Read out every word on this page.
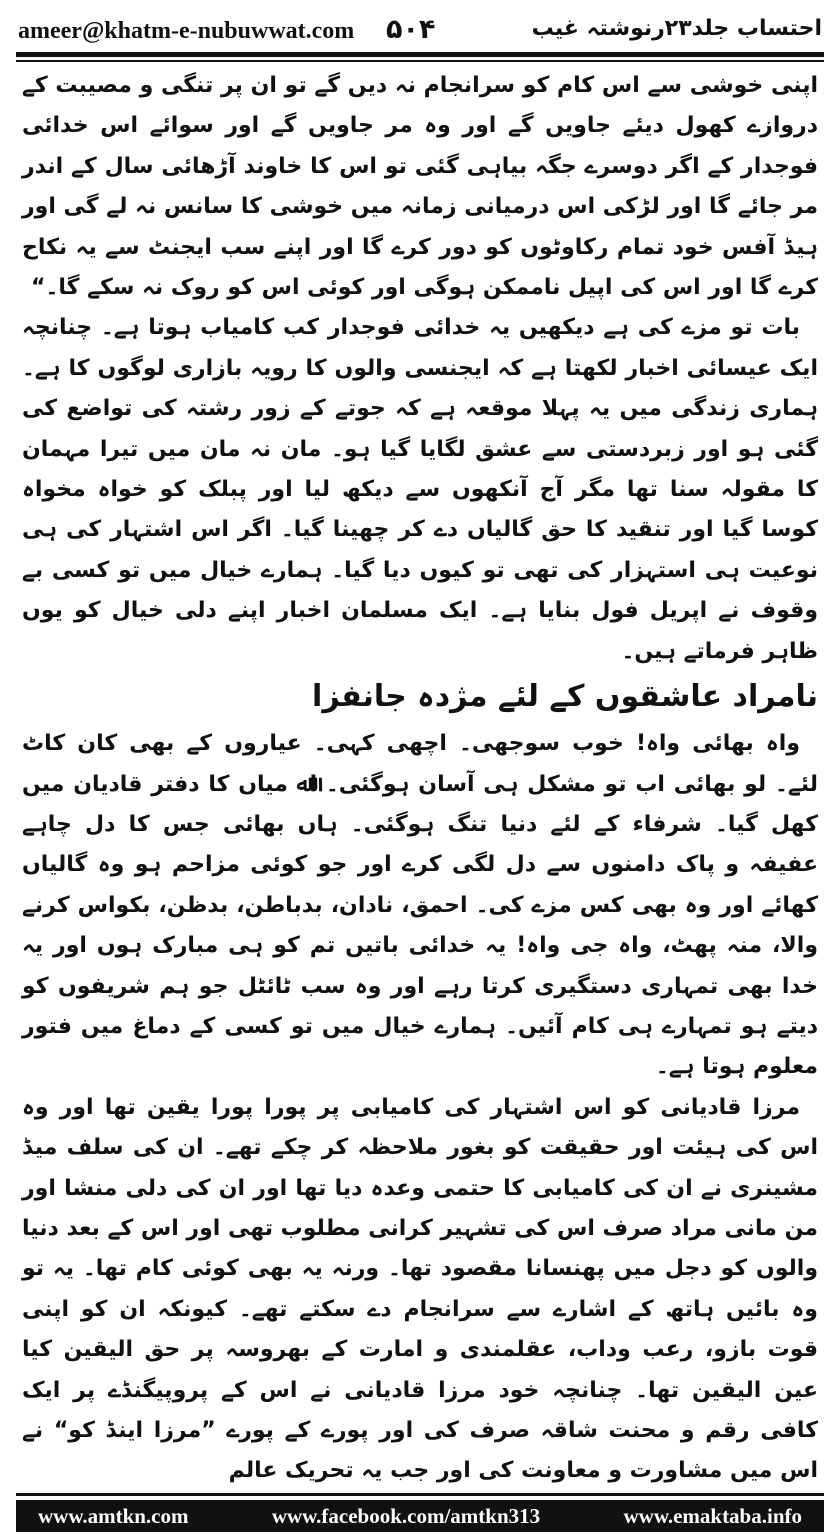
ameer@khatm-e-nubuwwat.com ۵۰۴	احتساب جلد۲۳رنوشتہ غیب

اپنی خوشی سے اس کام کو سرانجام نہ دیں گے تو ان پر تنگی و مصیبت کے دروازے کھول دیئے جاویں گے اور وہ مر جاویں گے اور سوائے اس خدائی فوجدار کے اگر دوسرے جگہ بیاہی گئی تو اس کا خاوند آڑھائی سال کے اندر مر جائے گا اور لڑکی اس درمیانی زمانہ میں خوشی کا سانس نہ لے گی اور ہیڈ آفس خود تمام رکاوٹوں کو دور کرے گا اور اپنے سب ایجنٹ سے یہ نکاح کرے گا اور اس کی اپیل ناممکن ہوگی اور کوئی اس کو روک نہ سکے گا۔“

بات تو مزے کی ہے دیکھیں یہ خدائی فوجدار کب کامیاب ہوتا ہے۔ چنانچہ ایک عیسائی اخبار لکھتا ہے کہ ایجنسی والوں کا رویہ بازاری لوگوں کا ہے۔ ہماری زندگی میں یہ پہلا موقعہ ہے کہ جوتے کے زور رشتہ کی تواضع کی گئی ہو اور زبردستی سے عشق لگایا گیا ہو۔ مان نہ مان میں تیرا مہمان کا مقولہ سنا تھا مگر آج آنکھوں سے دیکھ لیا اور پبلک کو خواہ مخواہ کوسا گیا اور تنقید کا حق گالیاں دے کر چھینا گیا۔ اگر اس اشتہار کی ہی نوعیت ہی استہزار کی تھی تو کیوں دیا گیا۔ ہمارے خیال میں تو کسی بے وقوف نے اپریل فول بنایا ہے۔ ایک مسلمان اخبار اپنے دلی خیال کو یوں ظاہر فرماتے ہیں۔

نامراد عاشقوں کے لئے مژدہ جانفزا

واہ بھائی واہ! خوب سوجھی۔ اچھی کہی۔ عیاروں کے بھی کان کاٹ لئے۔ لو بھائی اب تو مشکل ہی آسان ہوگئی۔ اﷲ میاں کا دفتر قادیان میں کھل گیا۔ شرفاء کے لئے دنیا تنگ ہوگئی۔ ہاں بھائی جس کا دل چاہے عفیفہ و پاک دامنوں سے دل لگی کرے اور جو کوئی مزاحم ہو وہ گالیاں کھائے اور وہ بھی کس مزے کی۔ احمق، نادان، بدباطن، بدظن، بکواس کرنے والا، منہ پھٹ، واہ جی واہ! یہ خدائی باتیں تم کو ہی مبارک ہوں اور یہ خدا بھی تمہاری دستگیری کرتا رہے اور وہ سب ٹائٹل جو ہم شریفوں کو دیتے ہو تمہارے ہی کام آئیں۔ ہمارے خیال میں تو کسی کے دماغ میں فتور معلوم ہوتا ہے۔

مرزا قادیانی کو اس اشتہار کی کامیابی پر پورا پورا یقین تھا اور وہ اس کی ہیئت اور حقیقت کو بغور ملاحظہ کر چکے تھے۔ ان کی سلف میڈ مشینری نے ان کی کامیابی کا حتمی وعدہ دیا تھا اور ان کی دلی منشا اور من مانی مراد صرف اس کی تشہیر کرانی مطلوب تھی اور اس کے بعد دنیا والوں کو دجل میں پھنسانا مقصود تھا۔ ورنہ یہ بھی کوئی کام تھا۔ یہ تو وہ بائیں ہاتھ کے اشارے سے سرانجام دے سکتے تھے۔ کیونکہ ان کو اپنی قوت بازو، رعب وداب، عقلمندی و امارت کے بھروسہ پر حق الیقین کیا عین الیقین تھا۔ چنانچہ خود مرزا قادیانی نے اس کے پروپیگنڈے پر ایک کافی رقم و محنت شاقہ صرف کی اور پورے کے پورے ”مرزا اینڈ کو“ نے اس میں مشاورت و معاونت کی اور جب یہ تحریک عالم

www.amtkn.com	www.facebook.com/amtkn313	www.emaktaba.info
